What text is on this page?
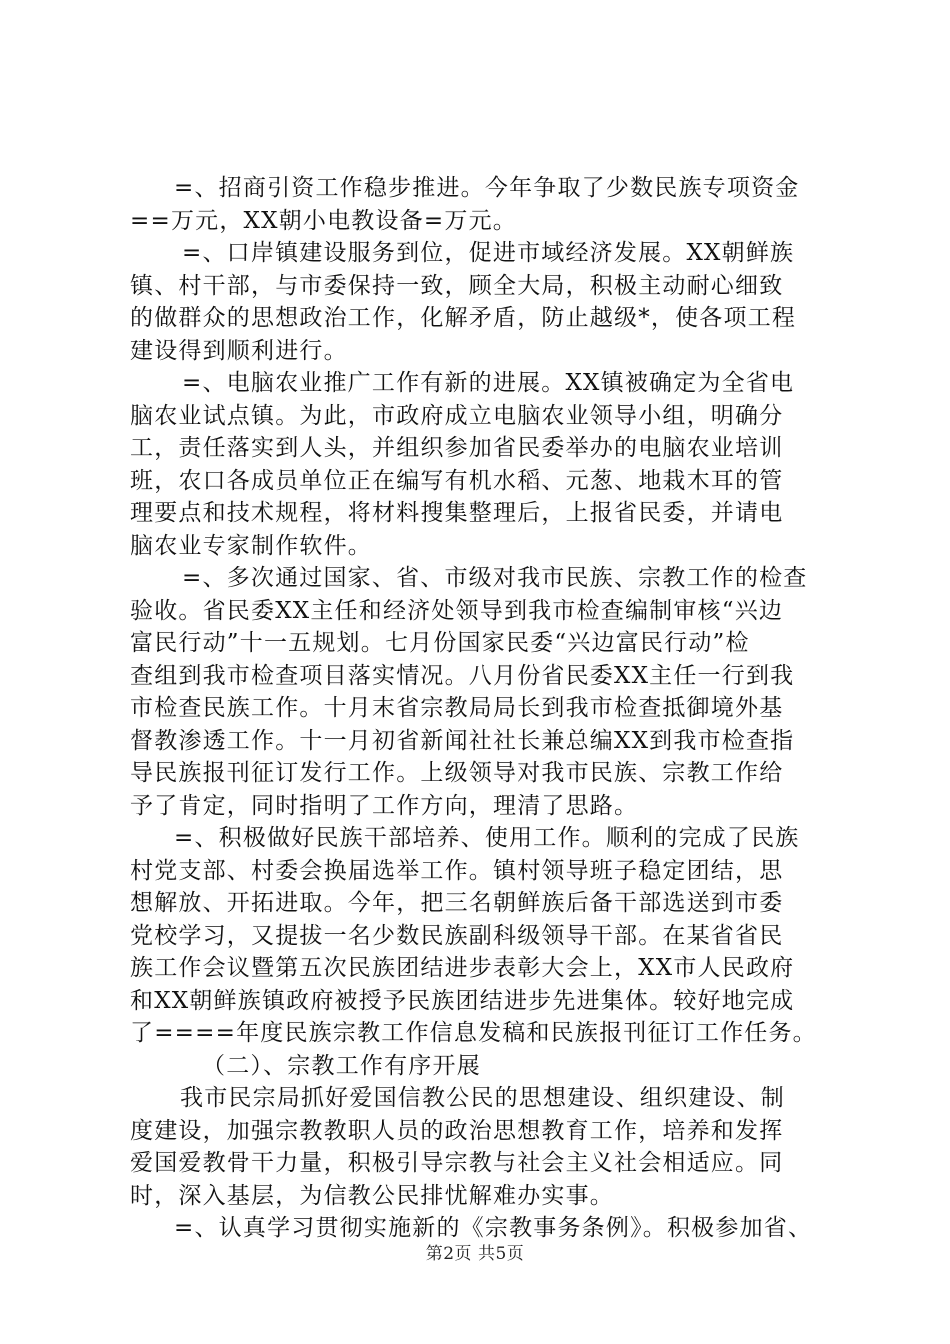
=、招商引资工作稳步推进。今年争取了少数民族专项资金
==万元，XX朝小电教设备=万元。
=、口岸镇建设服务到位，促进市域经济发展。XX朝鲜族
镇、村干部，与市委保持一致，顾全大局，积极主动耐心细致
的做群众的思想政治工作，化解矛盾，防止越级*，使各项工程
建设得到顺利进行。
=、电脑农业推广工作有新的进展。XX镇被确定为全省电
脑农业试点镇。为此，市政府成立电脑农业领导小组，明确分
工，责任落实到人头，并组织参加省民委举办的电脑农业培训
班，农口各成员单位正在编写有机水稻、元葱、地栽木耳的管
理要点和技术规程，将材料搜集整理后，上报省民委，并请电
脑农业专家制作软件。
=、多次通过国家、省、市级对我市民族、宗教工作的检查
验收。省民委XX主任和经济处领导到我市检查编制审核“兴边
富民行动”十一五规划。七月份国家民委“兴边富民行动”检
查组到我市检查项目落实情况。八月份省民委XX主任一行到我
市检查民族工作。十月末省宗教局局长到我市检查抵御境外基
督教渗透工作。十一月初省新闻社社长兼总编XX到我市检查指
导民族报刊征订发行工作。上级领导对我市民族、宗教工作给
予了肯定，同时指明了工作方向，理清了思路。
=、积极做好民族干部培养、使用工作。顺利的完成了民族
村党支部、村委会换届选举工作。镇村领导班子稳定团结，思
想解放、开拓进取。今年，把三名朝鲜族后备干部选送到市委
党校学习，又提拔一名少数民族副科级领导干部。在某省省民
族工作会议暨第五次民族团结进步表彰大会上，XX市人民政府
和XX朝鲜族镇政府被授予民族团结进步先进集体。较好地完成
了====年度民族宗教工作信息发稿和民族报刊征订工作任务。
（二）、宗教工作有序开展
我市民宗局抓好爱国信教公民的思想建设、组织建设、制
度建设，加强宗教教职人员的政治思想教育工作，培养和发挥
爱国爱教骨干力量，积极引导宗教与社会主义社会相适应。同
时，深入基层，为信教公民排忧解难办实事。
=、认真学习贯彻实施新的《宗教事务条例》。积极参加省、
第2页 共5页
